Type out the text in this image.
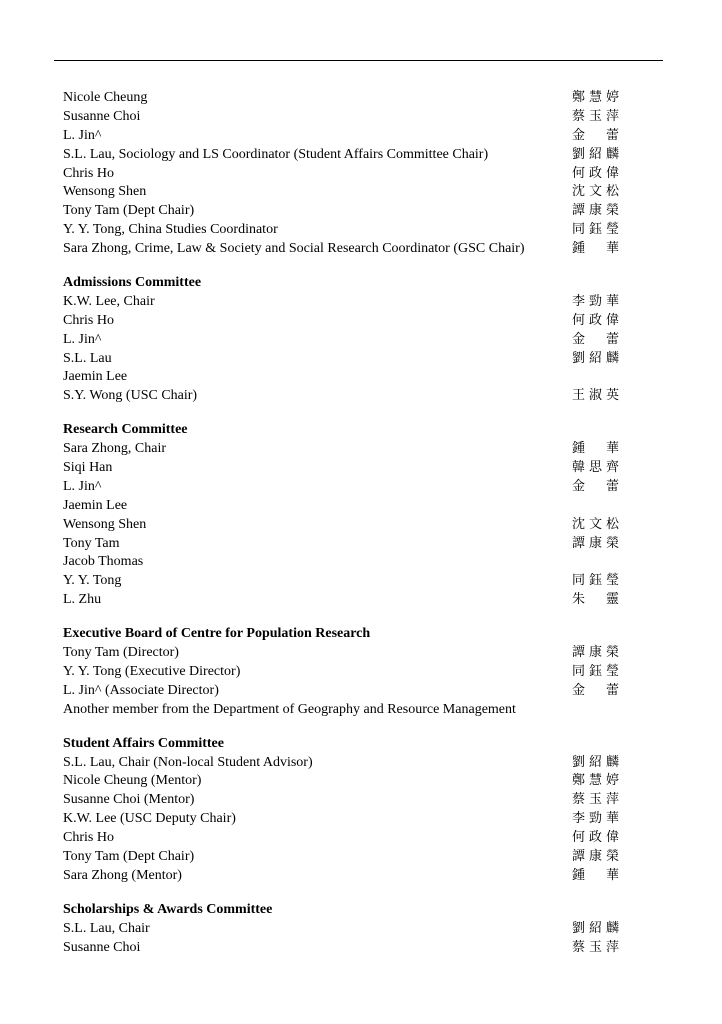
Nicole Cheung	鄭慧婷
Susanne Choi	蔡玉萍
L. Jin^	金　蕾
S.L. Lau, Sociology and LS Coordinator (Student Affairs Committee Chair)	劉紹麟
Chris Ho	何政偉
Wensong Shen	沈文松
Tony Tam (Dept Chair)	譚康榮
Y. Y. Tong, China Studies Coordinator	同鈺瑩
Sara Zhong, Crime, Law & Society and Social Research Coordinator (GSC Chair)	鍾　華
Admissions Committee
K.W. Lee, Chair	李勁華
Chris Ho	何政偉
L. Jin^	金　蕾
S.L. Lau	劉紹麟
Jaemin Lee
S.Y. Wong (USC Chair)	王淑英
Research Committee
Sara Zhong, Chair	鍾　華
Siqi Han	韓思齊
L. Jin^	金　蕾
Jaemin Lee
Wensong Shen	沈文松
Tony Tam	譚康榮
Jacob Thomas
Y. Y. Tong	同鈺瑩
L. Zhu	朱　靈
Executive Board of Centre for Population Research
Tony Tam (Director)	譚康榮
Y. Y. Tong (Executive Director)	同鈺瑩
L. Jin^ (Associate Director)	金　蕾
Another member from the Department of Geography and Resource Management
Student Affairs Committee
S.L. Lau, Chair (Non-local Student Advisor)	劉紹麟
Nicole Cheung (Mentor)	鄭慧婷
Susanne Choi (Mentor)	蔡玉萍
K.W. Lee (USC Deputy Chair)	李勁華
Chris Ho	何政偉
Tony Tam (Dept Chair)	譚康榮
Sara Zhong (Mentor)	鍾　華
Scholarships & Awards Committee
S.L. Lau, Chair	劉紹麟
Susanne Choi	蔡玉萍
